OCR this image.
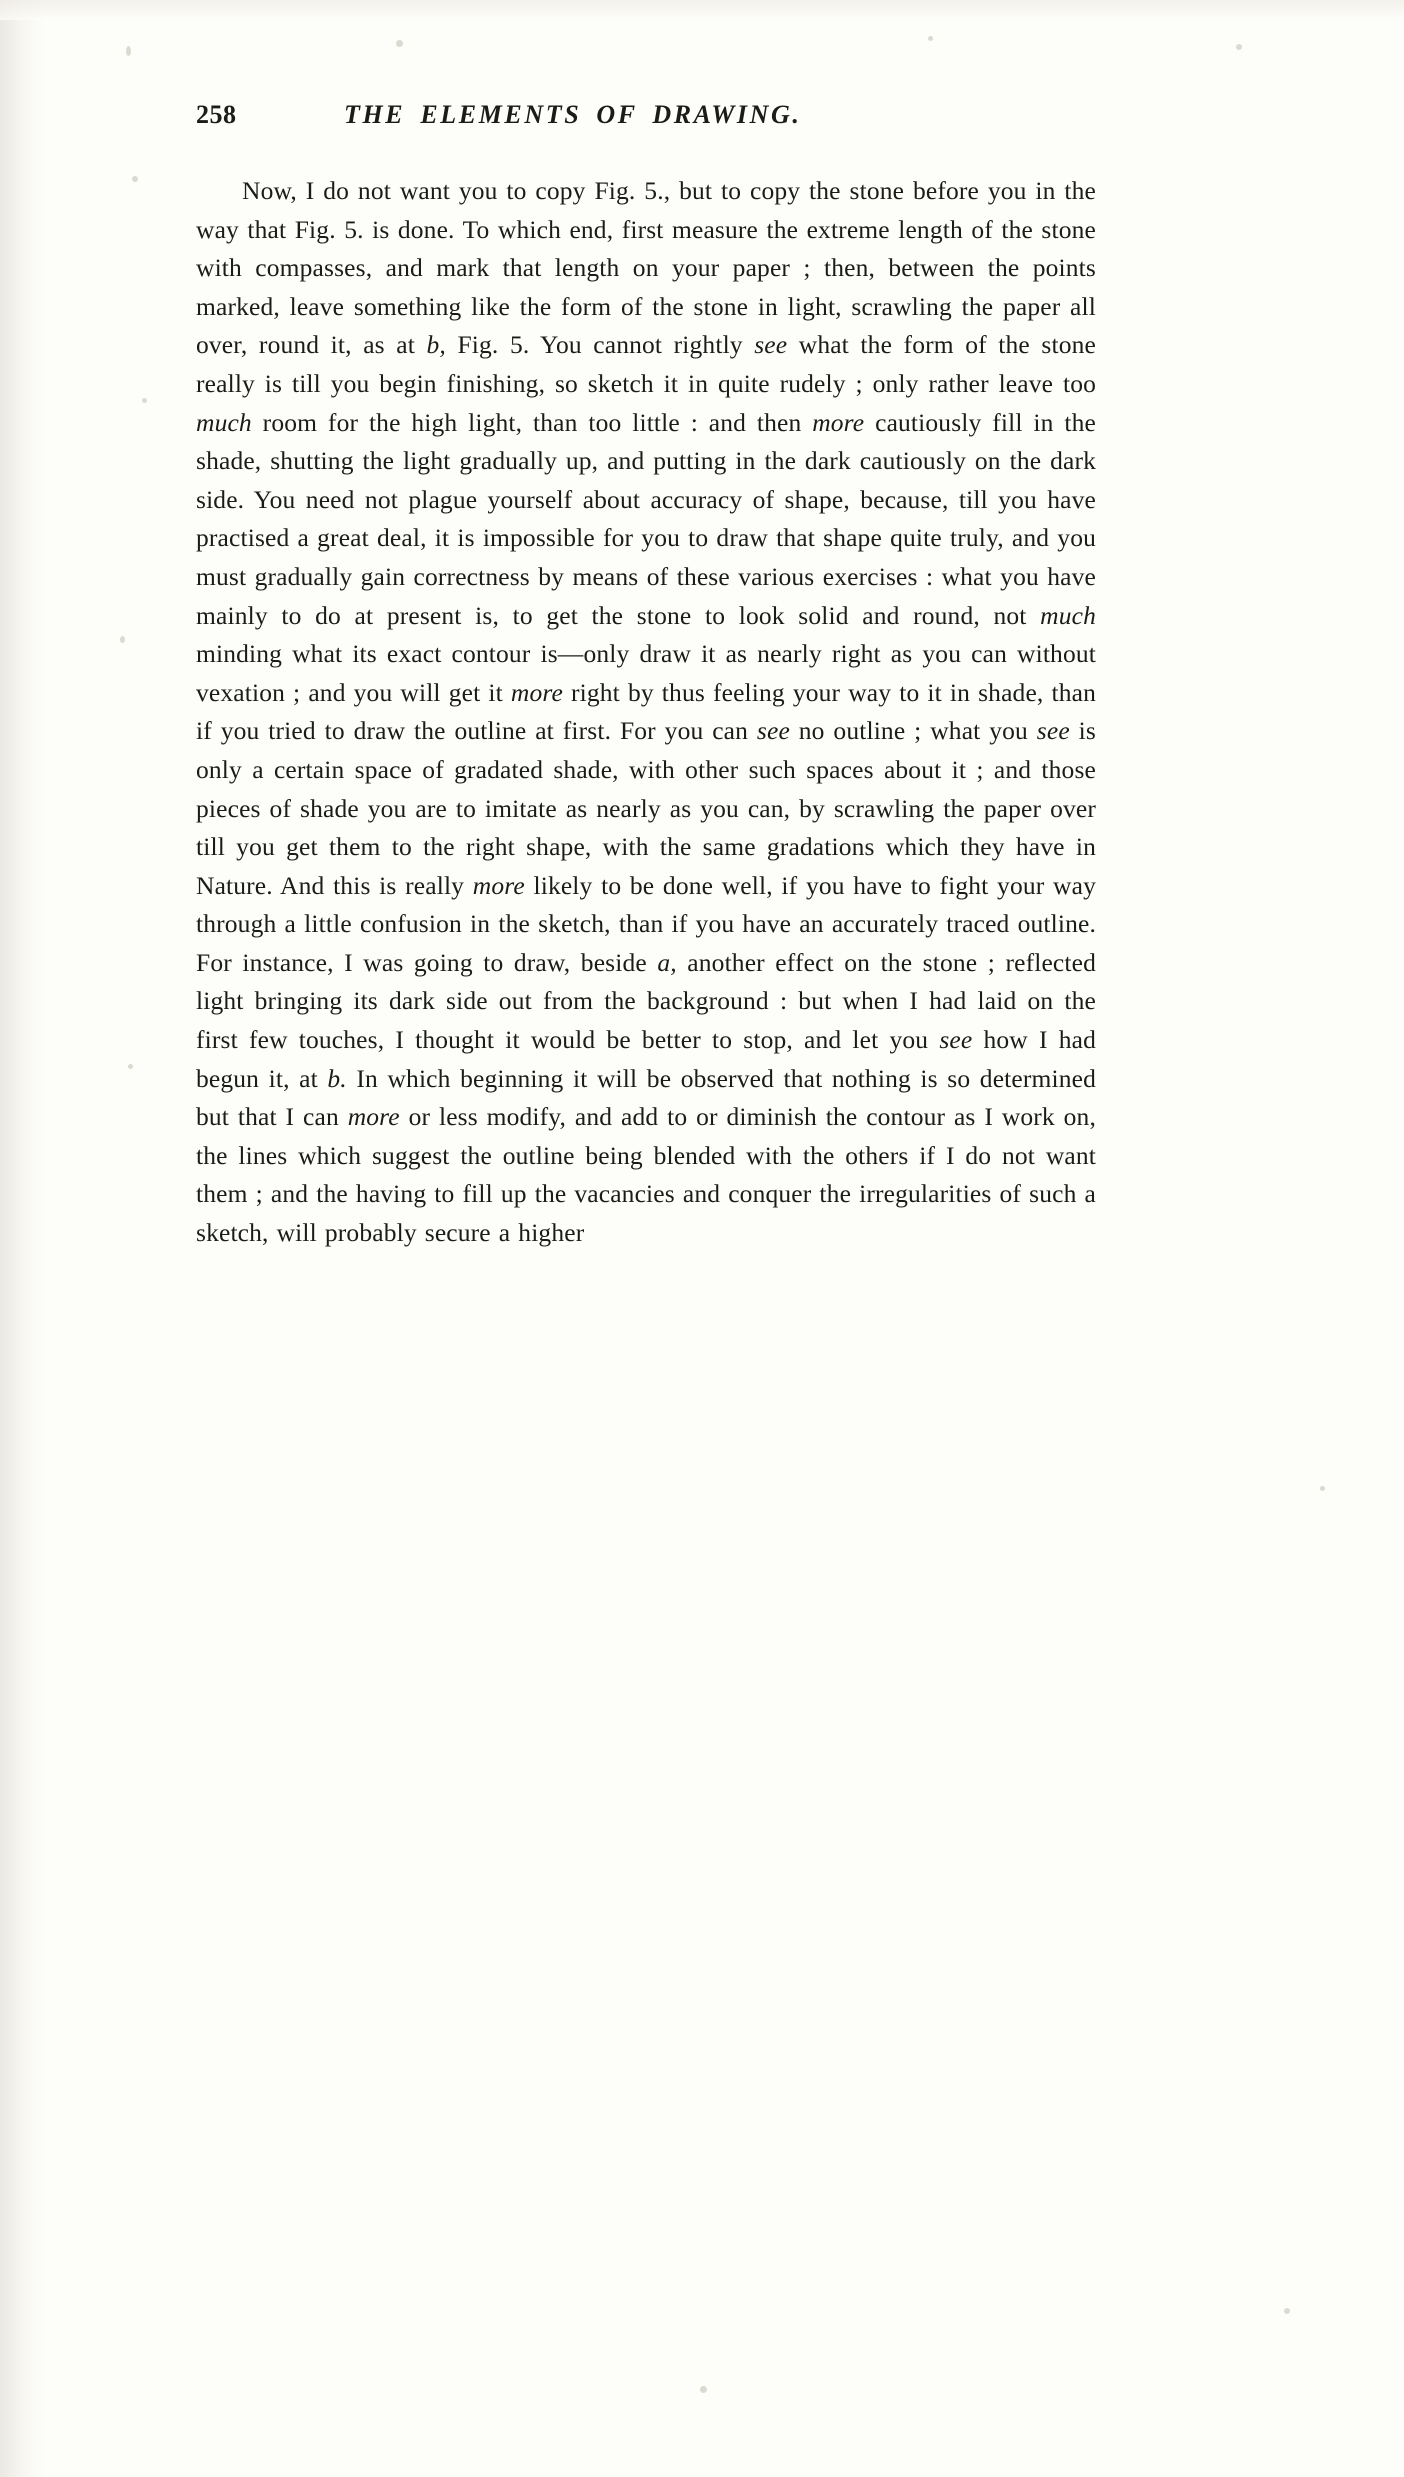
258	THE ELEMENTS OF DRAWING.
Now, I do not want you to copy Fig. 5., but to copy the stone before you in the way that Fig. 5. is done. To which end, first measure the extreme length of the stone with compasses, and mark that length on your paper ; then, between the points marked, leave something like the form of the stone in light, scrawling the paper all over, round it, as at b, Fig. 5. You cannot rightly see what the form of the stone really is till you begin finishing, so sketch it in quite rudely ; only rather leave too much room for the high light, than too little : and then more cautiously fill in the shade, shutting the light gradually up, and putting in the dark cautiously on the dark side. You need not plague yourself about accuracy of shape, because, till you have practised a great deal, it is impossible for you to draw that shape quite truly, and you must gradually gain correctness by means of these various exercises : what you have mainly to do at present is, to get the stone to look solid and round, not much minding what its exact contour is—only draw it as nearly right as you can without vexation ; and you will get it more right by thus feeling your way to it in shade, than if you tried to draw the outline at first. For you can see no outline ; what you see is only a certain space of gradated shade, with other such spaces about it ; and those pieces of shade you are to imitate as nearly as you can, by scrawling the paper over till you get them to the right shape, with the same gradations which they have in Nature. And this is really more likely to be done well, if you have to fight your way through a little confusion in the sketch, than if you have an accurately traced outline. For instance, I was going to draw, beside a, another effect on the stone ; reflected light bringing its dark side out from the background : but when I had laid on the first few touches, I thought it would be better to stop, and let you see how I had begun it, at b. In which beginning it will be observed that nothing is so determined but that I can more or less modify, and add to or diminish the contour as I work on, the lines which suggest the outline being blended with the others if I do not want them ; and the having to fill up the vacancies and conquer the irregularities of such a sketch, will probably secure a higher
